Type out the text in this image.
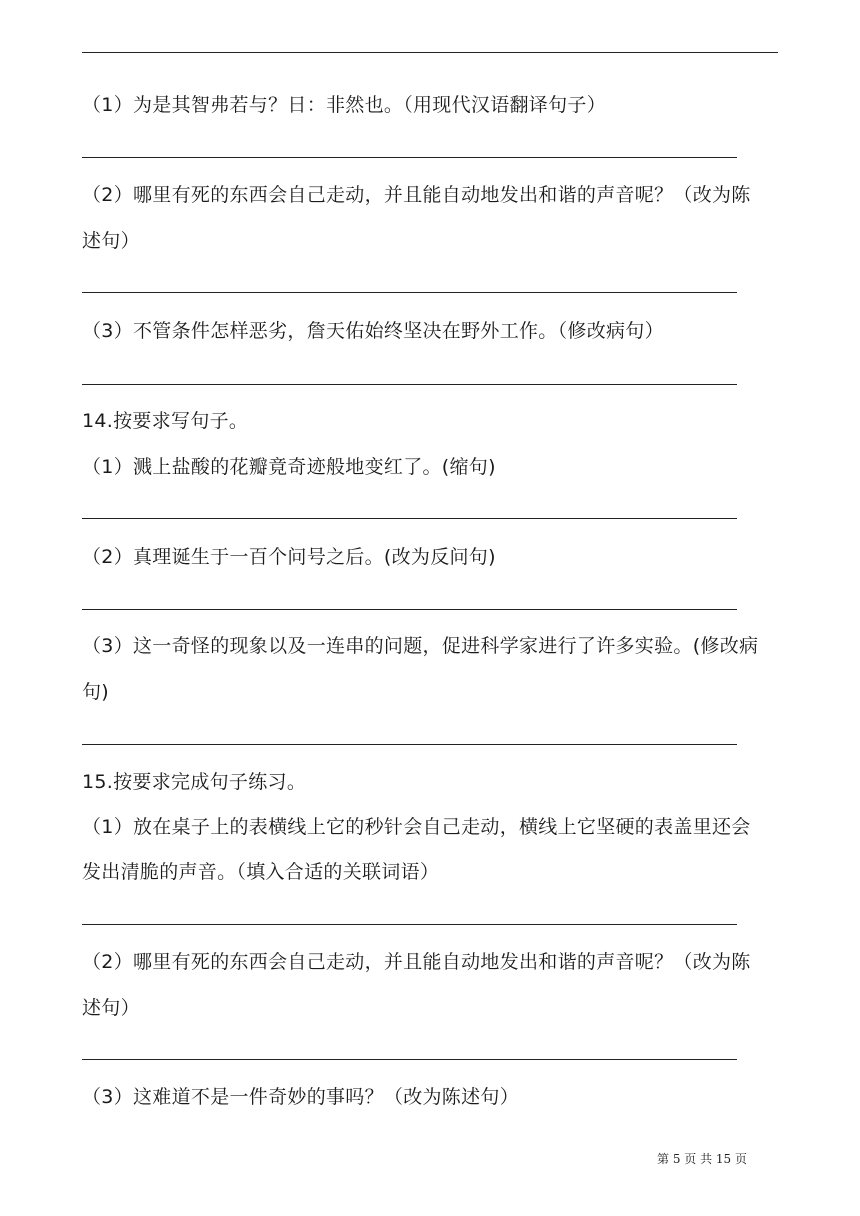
（1）为是其智弗若与？日：非然也。（用现代汉语翻译句子）
（2）哪里有死的东西会自己走动，并且能自动地发出和谐的声音呢？（改为陈
述句）
（3）不管条件怎样恶劣，詹天佑始终坚决在野外工作。（修改病句）
14.按要求写句子。
（1）溅上盐酸的花瓣竟奇迹般地变红了。(缩句)
（2）真理诞生于一百个问号之后。(改为反问句)
（3）这一奇怪的现象以及一连串的问题，促进科学家进行了许多实验。(修改病
句)
15.按要求完成句子练习。
（1）放在桌子上的表横线上它的秒针会自己走动，横线上它坚硬的表盖里还会
发出清脆的声音。（填入合适的关联词语）
（2）哪里有死的东西会自己走动，并且能自动地发出和谐的声音呢？（改为陈
述句）
（3）这难道不是一件奇妙的事吗？（改为陈述句）
第 5 页 共 15 页
